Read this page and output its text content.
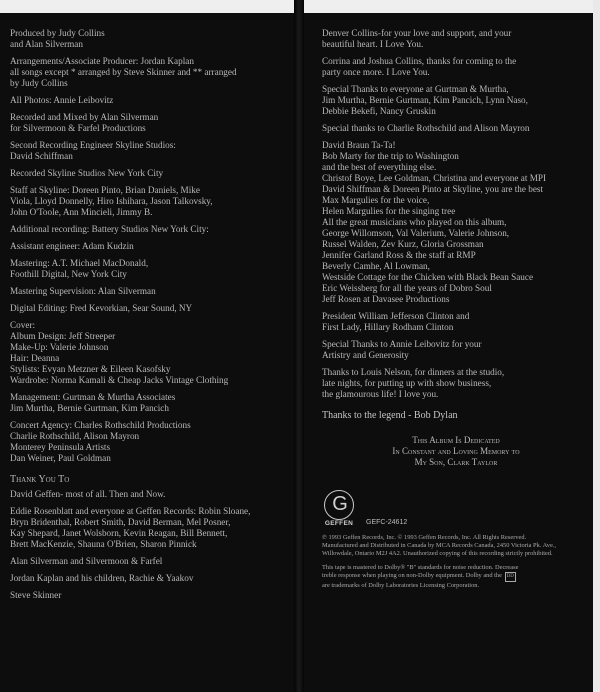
Produced by Judy Collins
and Alan Silverman
Arrangements/Associate Producer: Jordan Kaplan
all songs except * arranged by Steve Skinner and ** arranged
by Judy Collins
All Photos: Annie Leibovitz
Recorded and Mixed by Alan Silverman
for Silvermoon & Farfel Productions
Second Recording Engineer Skyline Studios:
David Schiffman
Recorded Skyline Studios New York City
Staff at Skyline: Doreen Pinto, Brian Daniels, Mike
Viola, Lloyd Donnelly, Hiro Ishihara, Jason Talkovsky,
John O'Toole, Ann Mincieli, Jimmy B.
Additional recording: Battery Studios New York City:
Assistant engineer: Adam Kudzin
Mastering: A.T. Michael MacDonald,
Foothill Digital, New York City
Mastering Supervision: Alan Silverman
Digital Editing: Fred Kevorkian, Sear Sound, NY
Cover:
Album Design: Jeff Streeper
Make-Up: Valerie Johnson
Hair: Deanna
Stylists: Evyan Metzner & Eileen Kasofsky
Wardrobe: Norma Kamali & Cheap Jacks Vintage Clothing
Management: Gurtman & Murtha Associates
Jim Murtha, Bernie Gurtman, Kim Pancich
Concert Agency: Charles Rothschild Productions
Charlie Rothschild, Alison Mayron
Monterey Peninsula Artists
Dan Weiner, Paul Goldman
Thank You To
David Geffen- most of all. Then and Now.
Eddie Rosenblatt and everyone at Geffen Records: Robin Sloane,
Bryn Bridenthal, Robert Smith, David Berman, Mel Posner,
Kay Shepard, Janet Wolsborn, Kevin Reagan, Bill Bennett,
Brett MacKenzie, Shauna O'Brien, Sharon Pinnick
Alan Silverman and Silvermoon & Farfel
Jordan Kaplan and his children, Rachie & Yaakov
Steve Skinner
Denver Collins-for your love and support, and your
beautiful heart. I Love You.
Corrina and Joshua Collins, thanks for coming to the
party once more. I Love You.
Special Thanks to everyone at Gurtman & Murtha,
Jim Murtha, Bernie Gurtman, Kim Pancich, Lynn Naso,
Debbie Bekefi, Nancy Gruskin
Special thanks to Charlie Rothschild and Alison Mayron
David Braun Ta-Ta!
Bob Marty for the trip to Washington
and the best of everything else.
Christof Boye, Lee Goldman, Christina and everyone at MPI
David Shiffman & Doreen Pinto at Skyline, you are the best
Max Margulies for the voice,
Helen Margulies for the singing tree
All the great musicians who played on this album,
George Willomson, Val Valerium, Valerie Johnson,
Russel Walden, Zev Kurz, Gloria Grossman
Jennifer Garland Ross & the staff at RMP
Beverly Camhe, Al Lowman,
Westside Cottage for the Chicken with Black Bean Sauce
Eric Weissberg for all the years of Dobro Soul
Jeff Rosen at Davasee Productions
President William Jefferson Clinton and
First Lady, Hillary Rodham Clinton
Special Thanks to Annie Leibovitz for your
Artistry and Generosity
Thanks to Louis Nelson, for dinners at the studio,
late nights, for putting up with show business,
the glamourous life! I love you.
Thanks to the legend - Bob Dylan
This Album Is Dedicated
In Constant and Loving Memory to
My Son, Clark Taylor
G
GEFFEN	GEFC-24612
℗ 1993 Geffen Records, Inc. © 1993 Geffen Records, Inc. All Rights Reserved.
Manufactured and Distributed in Canada by MCA Records Canada, 2450 Victoria Pk. Ave.,
Willowdale, Ontario M2J 4A2. Unauthorized copying of this recording strictly prohibited.
This tape is mastered to Dolby® "B" standards for noise reduction. Decrease
treble response when playing on non-Dolby equipment. Dolby and the DD
are trademarks of Dolby Laboratories Licensing Corporation.
